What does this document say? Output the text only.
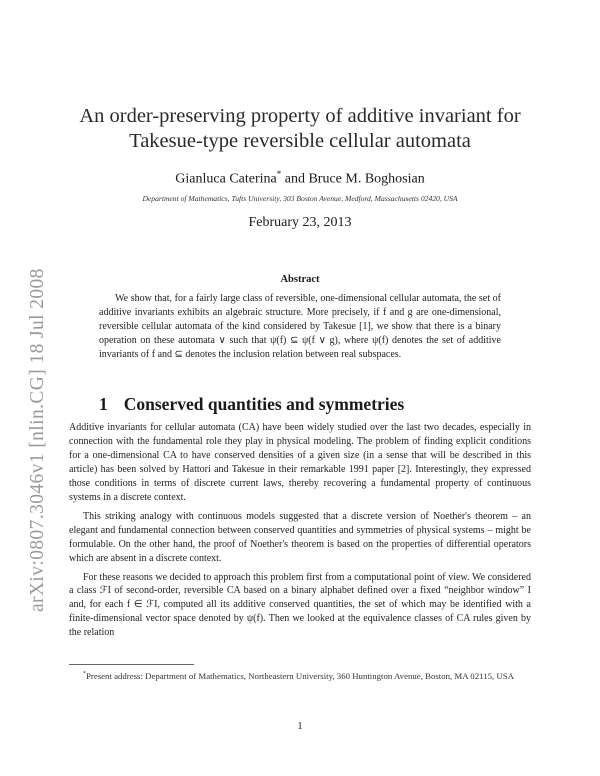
arXiv:0807.3046v1 [nlin.CG] 18 Jul 2008
An order-preserving property of additive invariant for Takesue-type reversible cellular automata
Gianluca Caterina* and Bruce M. Boghosian
Department of Mathematics, Tufts University, 303 Boston Avenue, Medford, Massachusetts 02420, USA
February 23, 2013
Abstract
We show that, for a fairly large class of reversible, one-dimensional cellular automata, the set of additive invariants exhibits an algebraic structure. More precisely, if f and g are one-dimensional, reversible cellular automata of the kind considered by Takesue [1], we show that there is a binary operation on these automata ∨ such that ψ(f) ⊆ ψ(f ∨ g), where ψ(f) denotes the set of additive invariants of f and ⊆ denotes the inclusion relation between real subspaces.
1 Conserved quantities and symmetries

Additive invariants for cellular automata (CA) have been widely studied over the last two decades, especially in connection with the fundamental role they play in physical modeling. The problem of finding explicit conditions for a one-dimensional CA to have conserved densities of a given size (in a sense that will be described in this article) has been solved by Hattori and Takesue in their remarkable 1991 paper [2]. Interestingly, they expressed those conditions in terms of discrete current laws, thereby recovering a fundamental property of continuous systems in a discrete context.

This striking analogy with continuous models suggested that a discrete version of Noether's theorem – an elegant and fundamental connection between conserved quantities and symmetries of physical systems – might be formulable. On the other hand, the proof of Noether's theorem is based on the properties of differential operators which are absent in a discrete context.

For these reasons we decided to approach this problem first from a computational point of view. We considered a class ℱI of second-order, reversible CA based on a binary alphabet defined over a fixed “neighbor window” I and, for each f ∈ ℱI, computed all its additive conserved quantities, the set of which may be identified with a finite-dimensional vector space denoted by ψ(f). Then we looked at the equivalence classes of CA rules given by the relation

*Present address: Department of Mathematics, Northeastern University, 360 Huntington Avenue, Boston, MA 02115, USA
1
